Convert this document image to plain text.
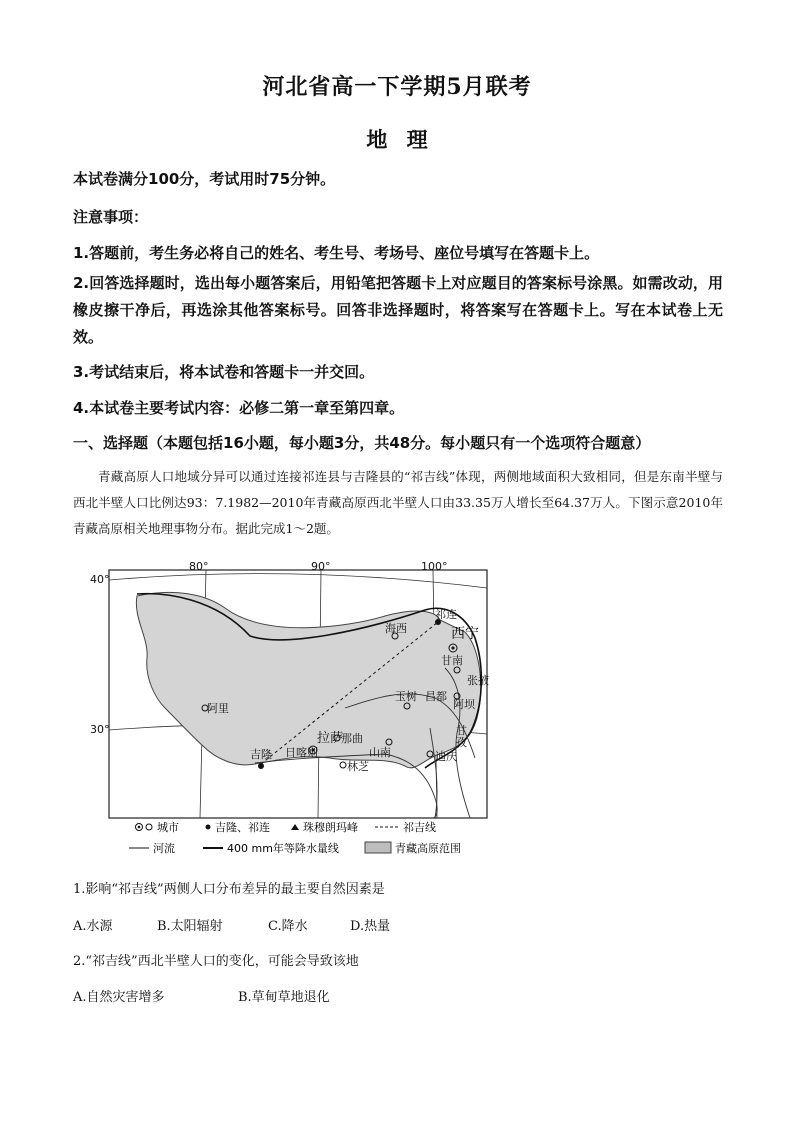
河北省高一下学期5月联考
地 理

本试卷满分100分，考试用时75分钟。

注意事项：

1.答题前，考生务必将自己的姓名、考生号、考场号、座位号填写在答题卡上。

2.回答选择题时，选出每小题答案后，用铅笔把答题卡上对应题目的答案标号涂黑。如需改动，用橡皮擦干净后，再选涂其他答案标号。回答非选择题时，将答案写在答题卡上。写在本试卷上无效。

3.考试结束后，将本试卷和答题卡一并交回。

4.本试卷主要考试内容：必修二第一章至第四章。

一、选择题（本题包括16小题，每小题3分，共48分。每小题只有一个选项符合题意）

青藏高原人口地域分异可以通过连接祁连县与吉隆县的“祁吉线”体现，两侧地域面积大致相同，但是东南半壁与西北半壁人口比例达93：7.1982—2010年青藏高原西北半壁人口由33.35万人增长至64.37万人。下图示意2010年青藏高原相关地理事物分布。据此完成1～2题。

80°	90°	100°
40°
30°
祁连
西宁
海西
甘南
张掖
阿坝
玉树 昌都
甘
孜
那曲
阿里
拉萨
日喀则	山南
林芝
迪庆
吉隆
城市	吉隆、祁连	珠穆朗玛峰	祁吉线
河流	400 mm年等降水量线	青藏高原范围

1.影响“祁吉线”两侧人口分布差异的最主要自然因素是

A.水源	B.太阳辐射	C.降水	D.热量

2.“祁吉线”西北半壁人口的变化，可能会导致该地

A.自然灾害增多	B.草甸草地退化
